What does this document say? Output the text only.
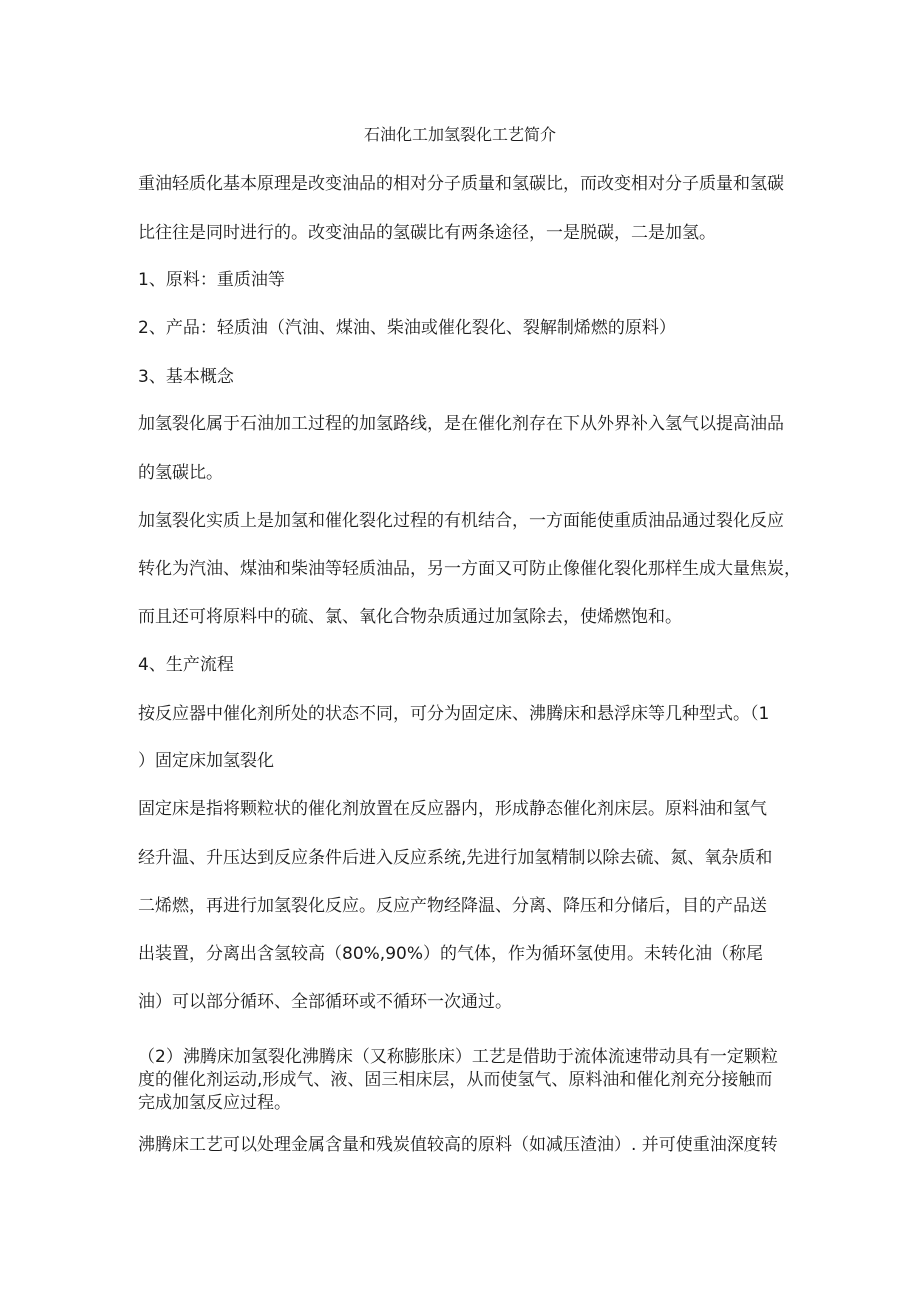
石油化工加氢裂化工艺简介
重油轻质化基本原理是改变油品的相对分子质量和氢碳比，而改变相对分子质量和氢碳
比往往是同时进行的。改变油品的氢碳比有两条途径，一是脱碳，二是加氢。
1、原料：重质油等
2、产品：轻质油（汽油、煤油、柴油或催化裂化、裂解制烯燃的原料）
3、基本概念
加氢裂化属于石油加工过程的加氢路线，是在催化剂存在下从外界补入氢气以提高油品
的氢碳比。
加氢裂化实质上是加氢和催化裂化过程的有机结合，一方面能使重质油品通过裂化反应
转化为汽油、煤油和柴油等轻质油品，另一方面又可防止像催化裂化那样生成大量焦炭，
而且还可将原料中的硫、氯、氧化合物杂质通过加氢除去，使烯燃饱和。
4、生产流程
按反应器中催化剂所处的状态不同，可分为固定床、沸腾床和悬浮床等几种型式。（1
）固定床加氢裂化
固定床是指将颗粒状的催化剂放置在反应器内，形成静态催化剂床层。原料油和氢气
经升温、升压达到反应条件后进入反应系统,先进行加氢精制以除去硫、氮、氧杂质和
二烯燃，再进行加氢裂化反应。反应产物经降温、分离、降压和分储后，目的产品送
出装置，分离出含氢较高（80%,90%）的气体，作为循环氢使用。未转化油（称尾
油）可以部分循环、全部循环或不循环一次通过。
（2）沸腾床加氢裂化沸腾床（又称膨胀床）工艺是借助于流体流速带动具有一定颗粒度的催化剂运动,形成气、液、固三相床层，从而使氢气、原料油和催化剂充分接触而完成加氢反应过程。
沸腾床工艺可以处理金属含量和残炭值较高的原料（如减压渣油）. 并可使重油深度转
